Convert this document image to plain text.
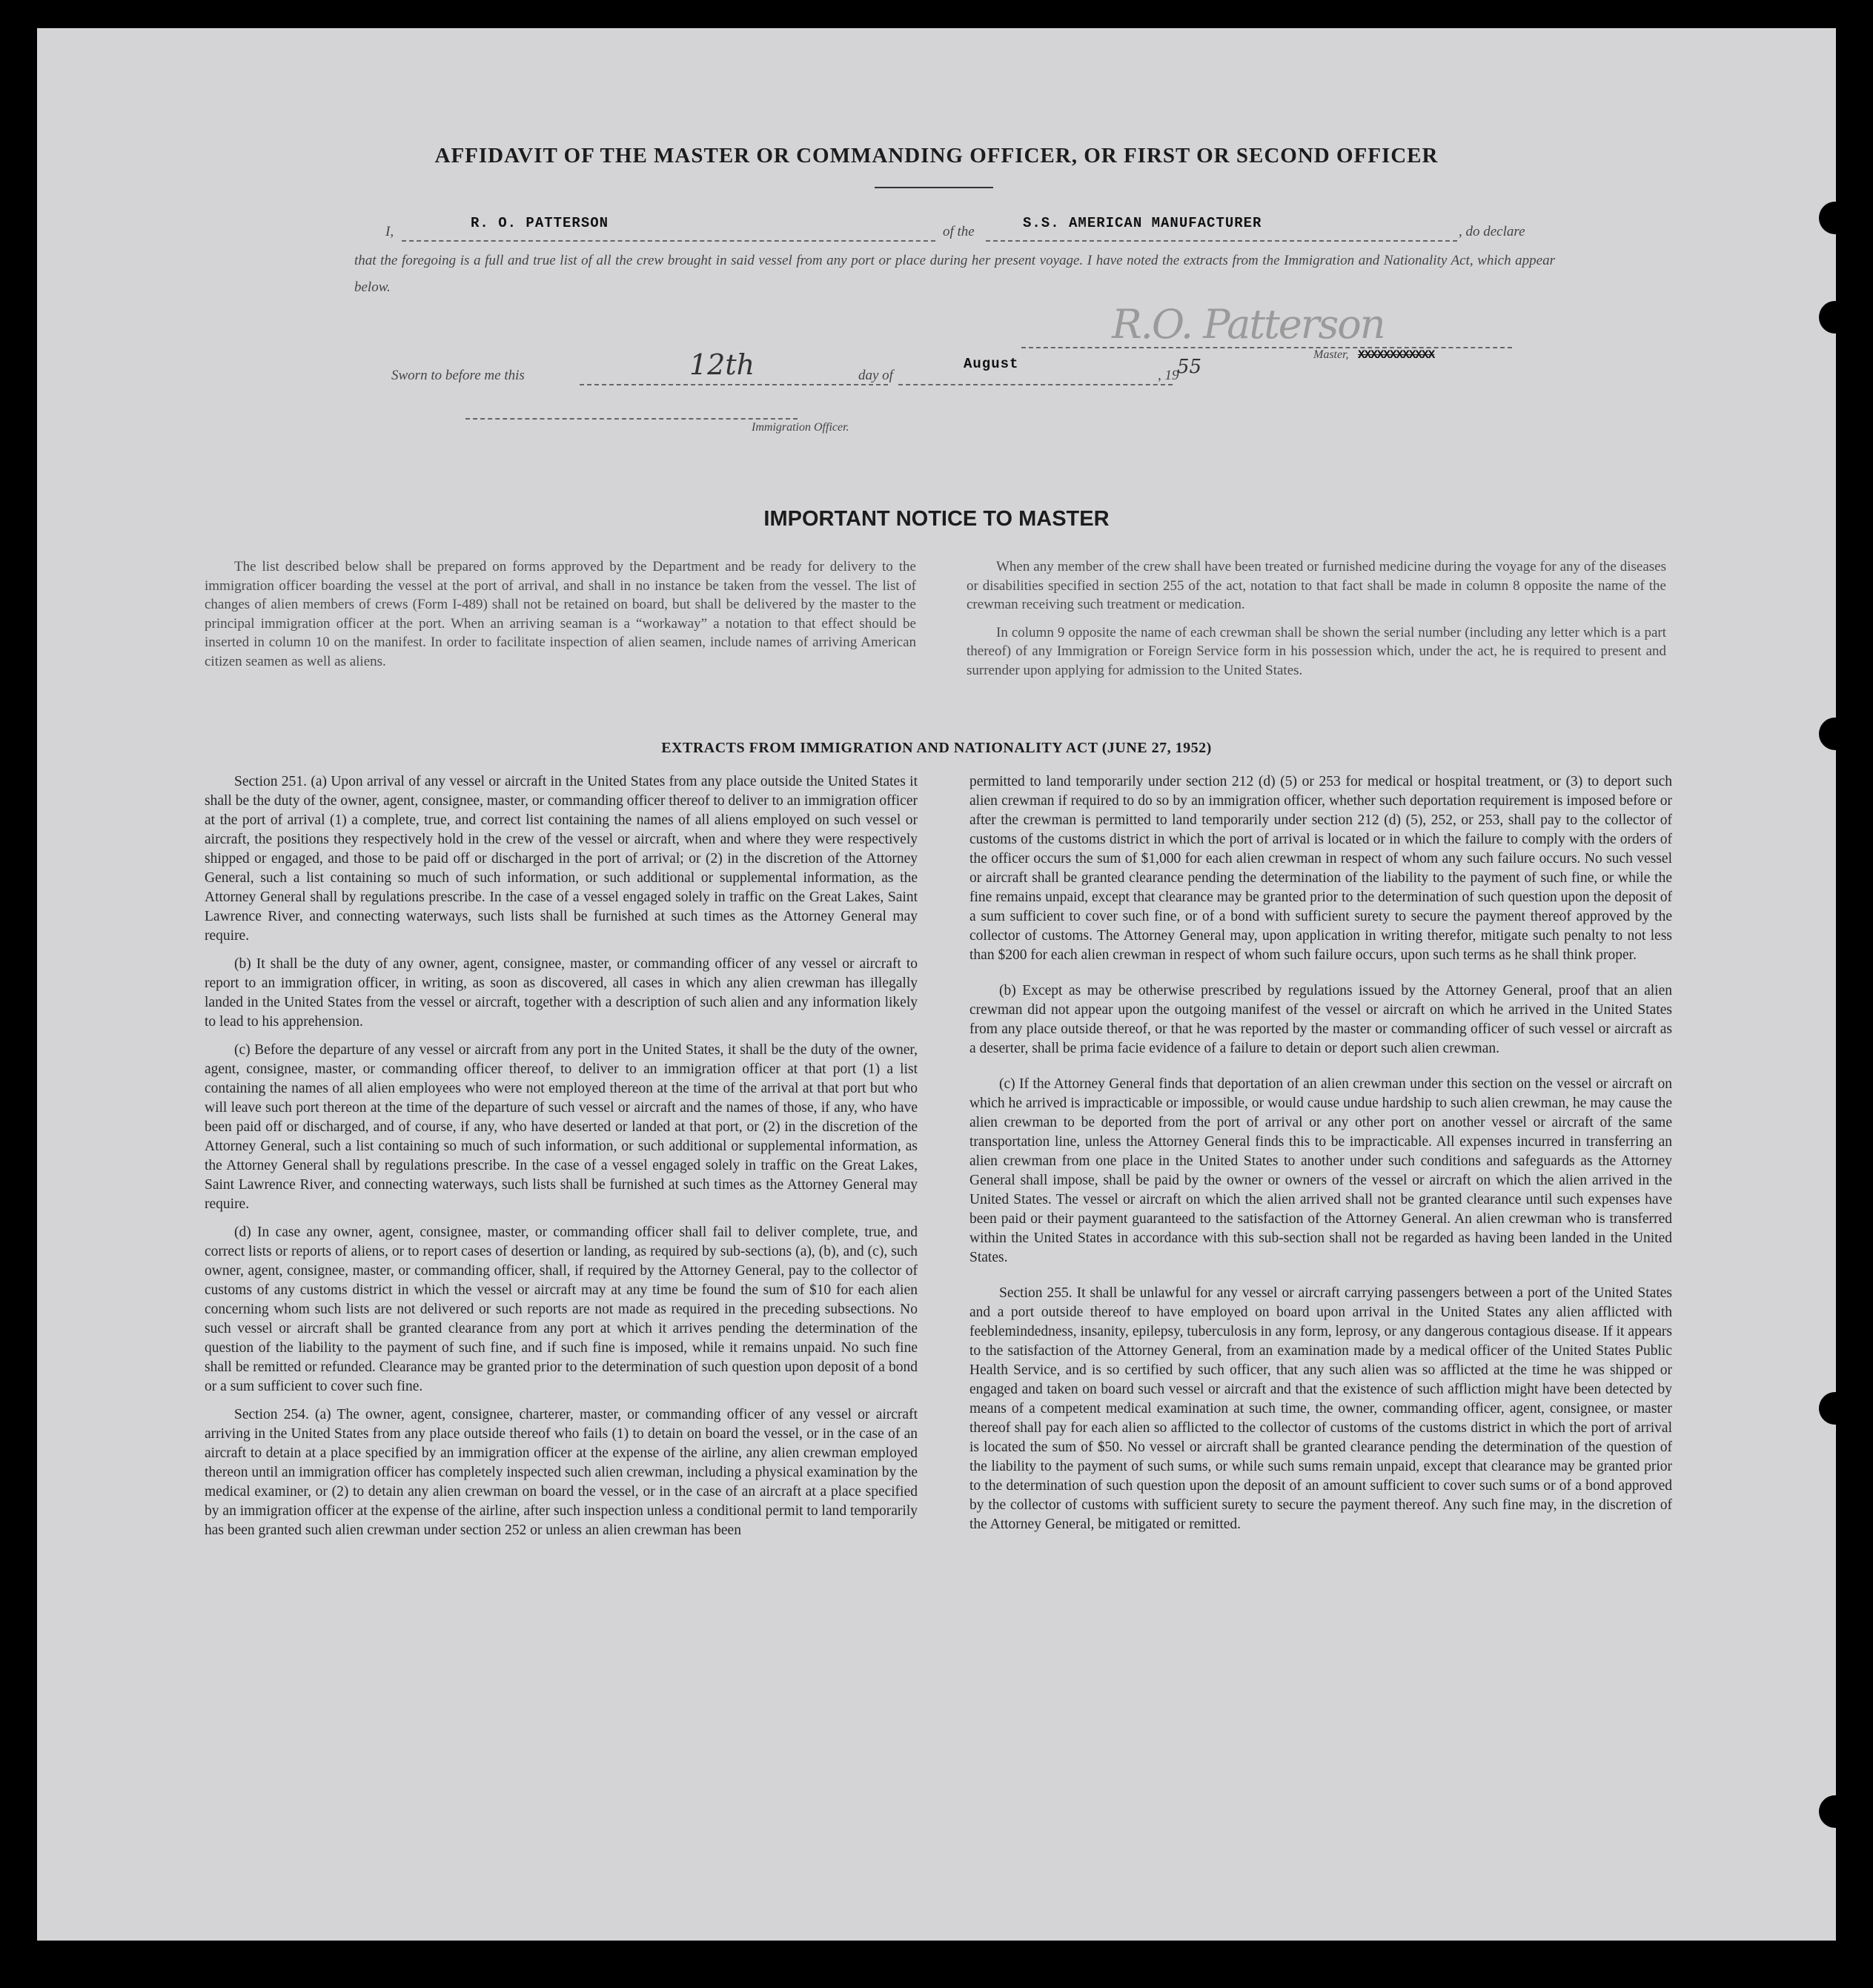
AFFIDAVIT OF THE MASTER OR COMMANDING OFFICER, OR FIRST OR SECOND OFFICER
I,
R. O. PATTERSON
of the
S.S. AMERICAN MANUFACTURER
, do declare
that the foregoing is a full and true list of all the crew brought in said vessel from any port or place during her present voyage. I have noted the extracts from the Immigration and Nationality Act, which appear below.
R.O. Patterson
Master, XXXXXXXXXXXX
Sworn to before me this	12th	day of
August
, 19
55
Immigration Officer.
IMPORTANT NOTICE TO MASTER

The list described below shall be prepared on forms approved by the Department and be ready for delivery to the immigration officer boarding the vessel at the port of arrival, and shall in no instance be taken from the vessel. The list of changes of alien members of crews (Form I-489) shall not be retained on board, but shall be delivered by the master to the principal immigration officer at the port. When an arriving seaman is a “workaway” a notation to that effect should be inserted in column 10 on the manifest. In order to facilitate inspection of alien seamen, include names of arriving American citizen seamen as well as aliens.

When any member of the crew shall have been treated or furnished medicine during the voyage for any of the diseases or disabilities specified in section 255 of the act, notation to that fact shall be made in column 8 opposite the name of the crewman receiving such treatment or medication.

In column 9 opposite the name of each crewman shall be shown the serial number (including any letter which is a part thereof) of any Immigration or Foreign Service form in his possession which, under the act, he is required to present and surrender upon applying for admission to the United States.

EXTRACTS FROM IMMIGRATION AND NATIONALITY ACT (JUNE 27, 1952)

Section 251. (a) Upon arrival of any vessel or aircraft in the United States from any place outside the United States it shall be the duty of the owner, agent, consignee, master, or commanding officer thereof to deliver to an immigration officer at the port of arrival (1) a complete, true, and correct list containing the names of all aliens employed on such vessel or aircraft, the positions they respectively hold in the crew of the vessel or aircraft, when and where they were respectively shipped or engaged, and those to be paid off or discharged in the port of arrival; or (2) in the discretion of the Attorney General, such a list containing so much of such information, or such additional or supplemental information, as the Attorney General shall by regulations prescribe. In the case of a vessel engaged solely in traffic on the Great Lakes, Saint Lawrence River, and connecting waterways, such lists shall be furnished at such times as the Attorney General may require.

(b) It shall be the duty of any owner, agent, consignee, master, or commanding officer of any vessel or aircraft to report to an immigration officer, in writing, as soon as discovered, all cases in which any alien crewman has illegally landed in the United States from the vessel or aircraft, together with a description of such alien and any information likely to lead to his apprehension.

(c) Before the departure of any vessel or aircraft from any port in the United States, it shall be the duty of the owner, agent, consignee, master, or commanding officer thereof, to deliver to an immigration officer at that port (1) a list containing the names of all alien employees who were not employed thereon at the time of the arrival at that port but who will leave such port thereon at the time of the departure of such vessel or aircraft and the names of those, if any, who have been paid off or discharged, and of course, if any, who have deserted or landed at that port, or (2) in the discretion of the Attorney General, such a list containing so much of such information, or such additional or supplemental information, as the Attorney General shall by regulations prescribe. In the case of a vessel engaged solely in traffic on the Great Lakes, Saint Lawrence River, and connecting waterways, such lists shall be furnished at such times as the Attorney General may require.

(d) In case any owner, agent, consignee, master, or commanding officer shall fail to deliver complete, true, and correct lists or reports of aliens, or to report cases of desertion or landing, as required by sub-sections (a), (b), and (c), such owner, agent, consignee, master, or commanding officer, shall, if required by the Attorney General, pay to the collector of customs of any customs district in which the vessel or aircraft may at any time be found the sum of $10 for each alien concerning whom such lists are not delivered or such reports are not made as required in the preceding subsections. No such vessel or aircraft shall be granted clearance from any port at which it arrives pending the determination of the question of the liability to the payment of such fine, and if such fine is imposed, while it remains unpaid. No such fine shall be remitted or refunded. Clearance may be granted prior to the determination of such question upon deposit of a bond or a sum sufficient to cover such fine.

Section 254. (a) The owner, agent, consignee, charterer, master, or commanding officer of any vessel or aircraft arriving in the United States from any place outside thereof who fails (1) to detain on board the vessel, or in the case of an aircraft to detain at a place specified by an immigration officer at the expense of the airline, any alien crewman employed thereon until an immigration officer has completely inspected such alien crewman, including a physical examination by the medical examiner, or (2) to detain any alien crewman on board the vessel, or in the case of an aircraft at a place specified by an immigration officer at the expense of the airline, after such inspection unless a conditional permit to land temporarily has been granted such alien crewman under section 252 or unless an alien crewman has been

permitted to land temporarily under section 212 (d) (5) or 253 for medical or hospital treatment, or (3) to deport such alien crewman if required to do so by an immigration officer, whether such deportation requirement is imposed before or after the crewman is permitted to land temporarily under section 212 (d) (5), 252, or 253, shall pay to the collector of customs of the customs district in which the port of arrival is located or in which the failure to comply with the orders of the officer occurs the sum of $1,000 for each alien crewman in respect of whom any such failure occurs. No such vessel or aircraft shall be granted clearance pending the determination of the liability to the payment of such fine, or while the fine remains unpaid, except that clearance may be granted prior to the determination of such question upon the deposit of a sum sufficient to cover such fine, or of a bond with sufficient surety to secure the payment thereof approved by the collector of customs. The Attorney General may, upon application in writing therefor, mitigate such penalty to not less than $200 for each alien crewman in respect of whom such failure occurs, upon such terms as he shall think proper.

(b) Except as may be otherwise prescribed by regulations issued by the Attorney General, proof that an alien crewman did not appear upon the outgoing manifest of the vessel or aircraft on which he arrived in the United States from any place outside thereof, or that he was reported by the master or commanding officer of such vessel or aircraft as a deserter, shall be prima facie evidence of a failure to detain or deport such alien crewman.

(c) If the Attorney General finds that deportation of an alien crewman under this section on the vessel or aircraft on which he arrived is impracticable or impossible, or would cause undue hardship to such alien crewman, he may cause the alien crewman to be deported from the port of arrival or any other port on another vessel or aircraft of the same transportation line, unless the Attorney General finds this to be impracticable. All expenses incurred in transferring an alien crewman from one place in the United States to another under such conditions and safeguards as the Attorney General shall impose, shall be paid by the owner or owners of the vessel or aircraft on which the alien arrived in the United States. The vessel or aircraft on which the alien arrived shall not be granted clearance until such expenses have been paid or their payment guaranteed to the satisfaction of the Attorney General. An alien crewman who is transferred within the United States in accordance with this sub-section shall not be regarded as having been landed in the United States.

Section 255. It shall be unlawful for any vessel or aircraft carrying passengers between a port of the United States and a port outside thereof to have employed on board upon arrival in the United States any alien afflicted with feeblemindedness, insanity, epilepsy, tuberculosis in any form, leprosy, or any dangerous contagious disease. If it appears to the satisfaction of the Attorney General, from an examination made by a medical officer of the United States Public Health Service, and is so certified by such officer, that any such alien was so afflicted at the time he was shipped or engaged and taken on board such vessel or aircraft and that the existence of such affliction might have been detected by means of a competent medical examination at such time, the owner, commanding officer, agent, consignee, or master thereof shall pay for each alien so afflicted to the collector of customs of the customs district in which the port of arrival is located the sum of $50. No vessel or aircraft shall be granted clearance pending the determination of the question of the liability to the payment of such sums, or while such sums remain unpaid, except that clearance may be granted prior to the determination of such question upon the deposit of an amount sufficient to cover such sums or of a bond approved by the collector of customs with sufficient surety to secure the payment thereof. Any such fine may, in the discretion of the Attorney General, be mitigated or remitted.
